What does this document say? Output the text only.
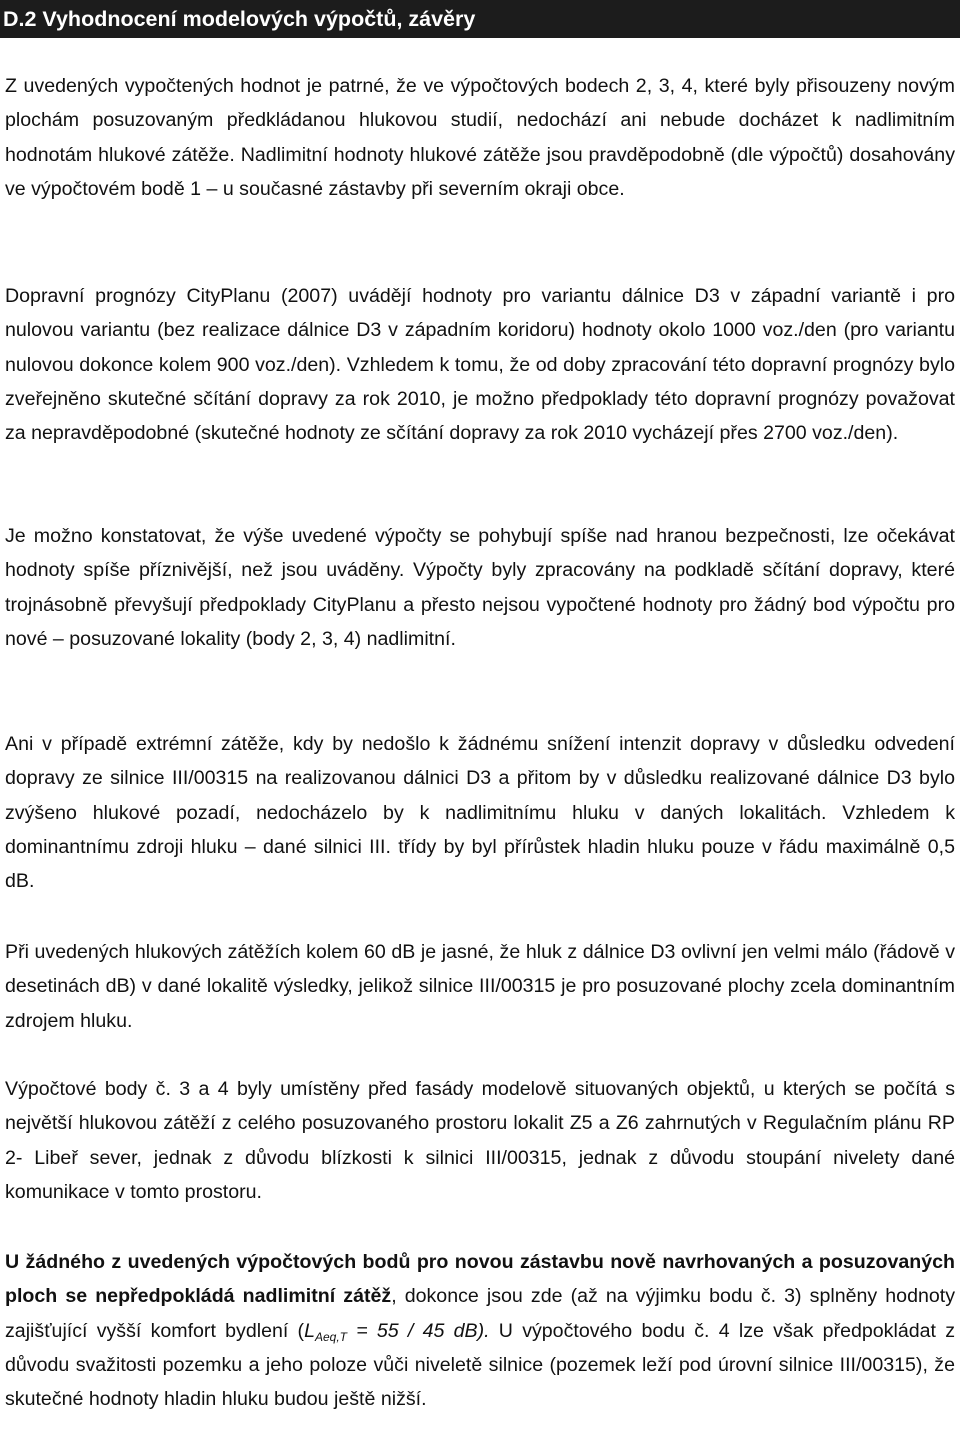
D.2 Vyhodnocení modelových výpočtů, závěry

Z uvedených vypočtených hodnot je patrné, že ve výpočtových bodech 2, 3, 4, které byly přisouzeny novým plochám posuzovaným předkládanou hlukovou studií, nedochází ani nebude docházet k nadlimitním hodnotám hlukové zátěže. Nadlimitní hodnoty hlukové zátěže jsou pravděpodobně (dle výpočtů) dosahovány ve výpočtovém bodě 1 – u současné zástavby při severním okraji obce.

Dopravní prognózy CityPlanu (2007) uvádějí hodnoty pro variantu dálnice D3 v západní variantě i pro nulovou variantu (bez realizace dálnice D3 v západním koridoru) hodnoty okolo 1000 voz./den (pro variantu nulovou dokonce kolem 900 voz./den). Vzhledem k tomu, že od doby zpracování této dopravní prognózy bylo zveřejněno skutečné sčítání dopravy za rok 2010, je možno předpoklady této dopravní prognózy považovat za nepravděpodobné (skutečné hodnoty ze sčítání dopravy za rok 2010 vycházejí přes 2700 voz./den).

Je možno konstatovat, že výše uvedené výpočty se pohybují spíše nad hranou bezpečnosti, lze očekávat hodnoty spíše příznivější, než jsou uváděny. Výpočty byly zpracovány na podkladě sčítání dopravy, které trojnásobně převyšují předpoklady CityPlanu a přesto nejsou vypočtené hodnoty pro žádný bod výpočtu pro nové – posuzované lokality (body 2, 3, 4) nadlimitní.

Ani v případě extrémní zátěže, kdy by nedošlo k žádnému snížení intenzit dopravy v důsledku odvedení dopravy ze silnice III/00315 na realizovanou dálnici D3 a přitom by v důsledku realizované dálnice D3 bylo zvýšeno hlukové pozadí, nedocházelo by k nadlimitnímu hluku v daných lokalitách. Vzhledem k dominantnímu zdroji hluku – dané silnici III. třídy by byl přírůstek hladin hluku pouze v řádu maximálně 0,5 dB.

Při uvedených hlukových zátěžích kolem 60 dB je jasné, že hluk z dálnice D3 ovlivní jen velmi málo (řádově v desetinách dB) v dané lokalitě výsledky, jelikož silnice III/00315 je pro posuzované plochy zcela dominantním zdrojem hluku.

Výpočtové body č. 3 a 4 byly umístěny před fasády modelově situovaných objektů, u kterých se počítá s největší hlukovou zátěží z celého posuzovaného prostoru lokalit Z5 a Z6 zahrnutých v Regulačním plánu RP 2- Libeř sever, jednak z důvodu blízkosti k silnici III/00315, jednak z důvodu stoupání nivelety dané komunikace v tomto prostoru.

U žádného z uvedených výpočtových bodů pro novou zástavbu nově navrhovaných a posuzovaných ploch se nepředpokládá nadlimitní zátěž, dokonce jsou zde (až na výjimku bodu č. 3) splněny hodnoty zajišťující vyšší komfort bydlení ($L_{Aeq,T} = 55 / 45$ dB). U výpočtového bodu č. 4 lze však předpokládat z důvodu svažitosti pozemku a jeho poloze vůči niveletě silnice (pozemek leží pod úrovní silnice III/00315), že skutečné hodnoty hladin hluku budou ještě nižší.
